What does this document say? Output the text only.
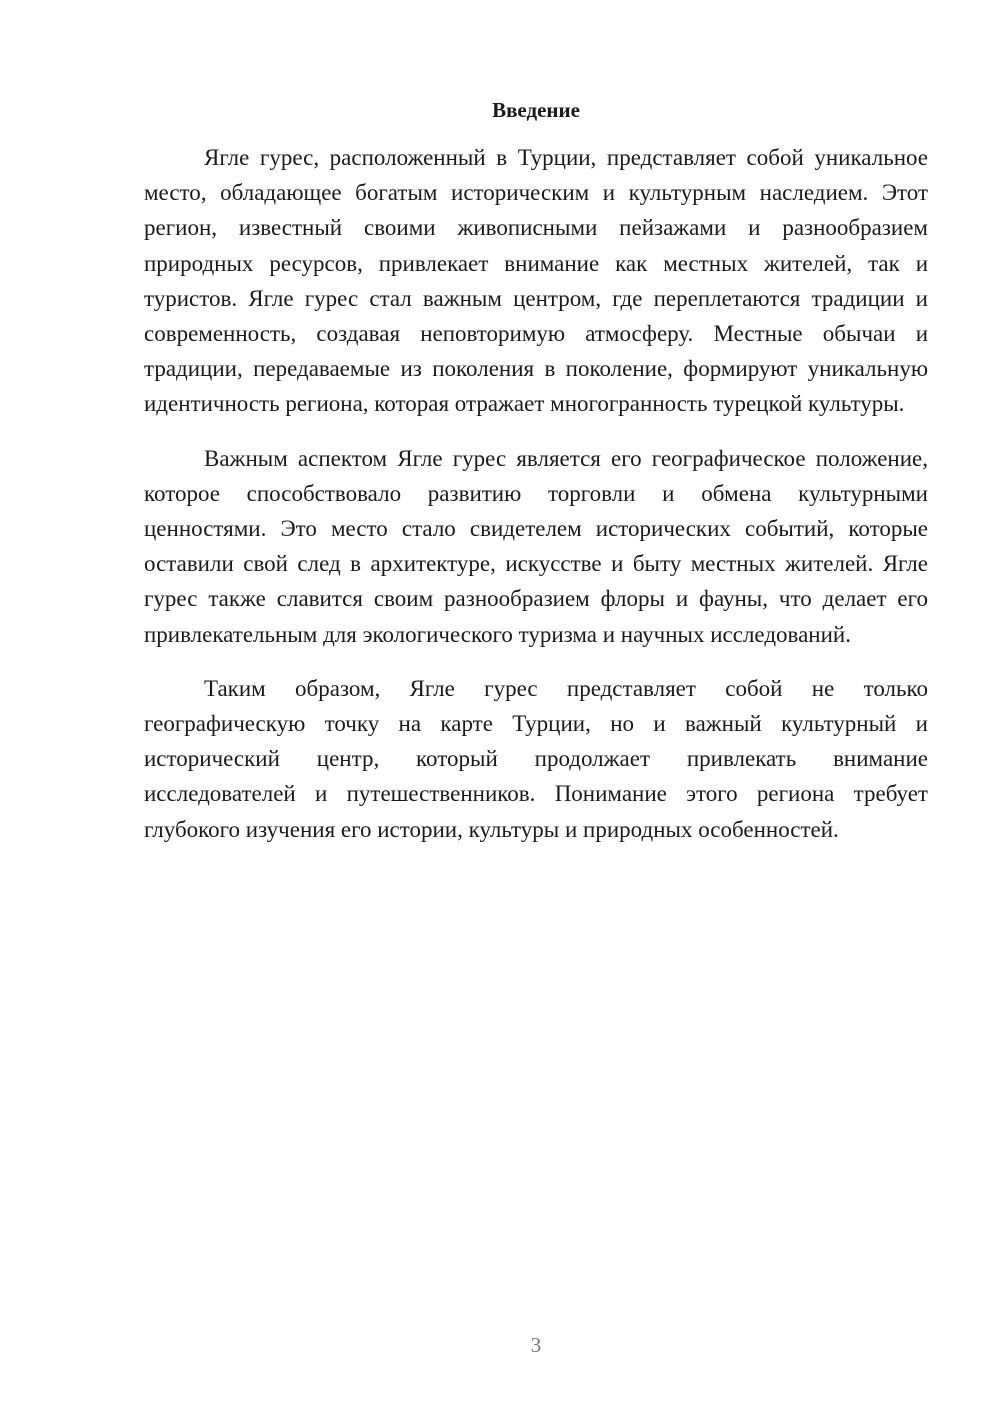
Введение

Ягле гурес, расположенный в Турции, представляет собой уникальное место, обладающее богатым историческим и культурным наследием. Этот регион, известный своими живописными пейзажами и разнообразием природных ресурсов, привлекает внимание как местных жителей, так и туристов. Ягле гурес стал важным центром, где переплетаются традиции и современность, создавая неповторимую атмосферу. Местные обычаи и традиции, передаваемые из поколения в поколение, формируют уникальную идентичность региона, которая отражает многогранность турецкой культуры.

Важным аспектом Ягле гурес является его географическое положение, которое способствовало развитию торговли и обмена культурными ценностями. Это место стало свидетелем исторических событий, которые оставили свой след в архитектуре, искусстве и быту местных жителей. Ягле гурес также славится своим разнообразием флоры и фауны, что делает его привлекательным для экологического туризма и научных исследований.

Таким образом, Ягле гурес представляет собой не только географическую точку на карте Турции, но и важный культурный и исторический центр, который продолжает привлекать внимание исследователей и путешественников. Понимание этого региона требует глубокого изучения его истории, культуры и природных особенностей.

3
